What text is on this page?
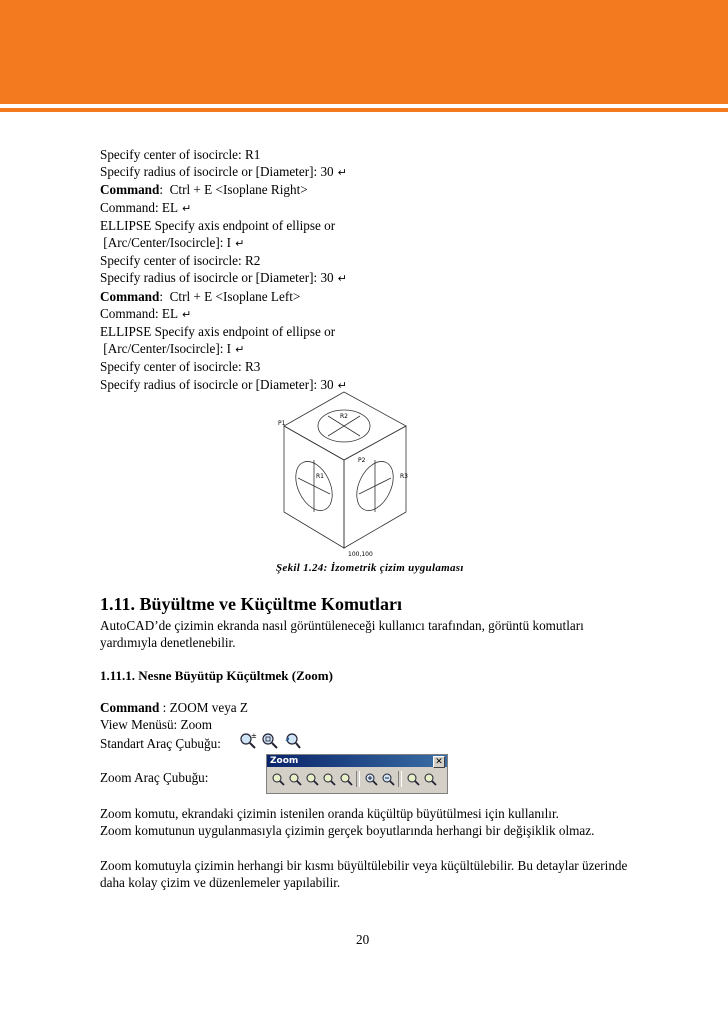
Specify center of isocircle: R1
Specify radius of isocircle or [Diameter]: 30 ↵
Command:  Ctrl + E <Isoplane Right>
Command: EL ↵
ELLIPSE Specify axis endpoint of ellipse or
[Arc/Center/Isocircle]: I ↵
Specify center of isocircle: R2
Specify radius of isocircle or [Diameter]: 30 ↵
Command:  Ctrl + E <Isoplane Left>
Command: EL ↵
ELLIPSE Specify axis endpoint of ellipse or
[Arc/Center/Isocircle]: I ↵
Specify center of isocircle: R3
Specify radius of isocircle or [Diameter]: 30 ↵
P1
P2
R2
R1	R3
100,100
Şekil 1.24: İzometrik çizim uygulaması
1.11. Büyültme ve Küçültme Komutları
AutoCAD’de çizimin ekranda nasıl görüntüleneceği kullanıcı tarafından, görüntü komutları yardımıyla denetlenebilir.
1.11.1. Nesne Büyütüp Küçültmek (Zoom)
Command : ZOOM veya Z
View Menüsü: Zoom
Standart Araç Çubuğu:	±
Zoom Araç Çubuğu:
Zoom	✕
Zoom komutu, ekrandaki çizimin istenilen oranda küçültüp büyütülmesi için kullanılır.
Zoom komutunun uygulanmasıyla çizimin gerçek boyutlarında herhangi bir değişiklik olmaz.
Zoom komutuyla çizimin herhangi bir kısmı büyültülebilir veya küçültülebilir. Bu detaylar üzerinde daha kolay çizim ve düzenlemeler yapılabilir.
20
